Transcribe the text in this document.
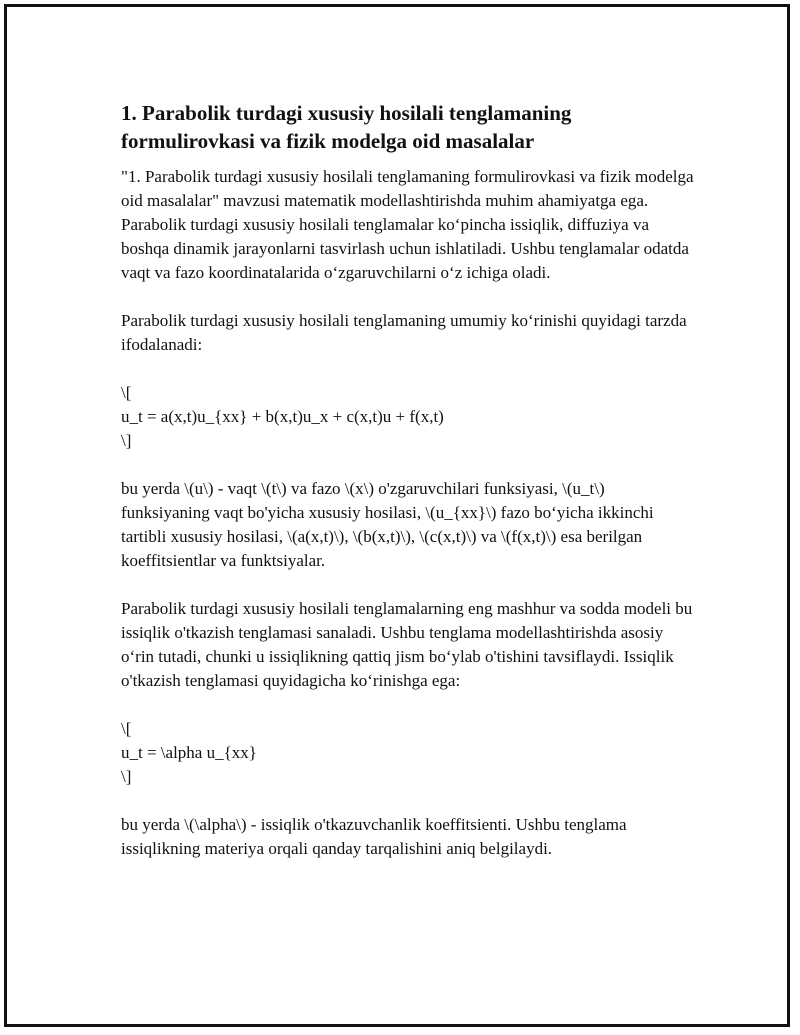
1. Parabolik turdagi xususiy hosilali tenglamaning formulirovkasi va fizik modelga oid masalalar

"1. Parabolik turdagi xususiy hosilali tenglamaning formulirovkasi va fizik modelga oid masalalar" mavzusi matematik modellashtirishda muhim ahamiyatga ega. Parabolik turdagi xususiy hosilali tenglamalar ko‘pincha issiqlik, diffuziya va boshqa dinamik jarayonlarni tasvirlash uchun ishlatiladi. Ushbu tenglamalar odatda vaqt va fazo koordinatalarida o‘zgaruvchilarni o‘z ichiga oladi.

Parabolik turdagi xusus‍iy hosilali tenglamaning umumiy ko‘rinishi quyidagi tarzda ifodalanadi:

\[
u_t = a(x,t)u_{xx} + b(x,t)u_x + c(x,t)u + f(x,t)
\]

bu yerda \(u\) - vaqt \(t\) va fazo \(x\) o'zgaruvchilari funksiyasi, \(u_t\) funksiyaning vaqt bo'yicha xususiy hosilasi, \(u_{xx}\) fazo bo‘yicha ikkinchi tartibli xususiy hosilasi, \(a(x,t)\), \(b(x,t)\), \(c(x,t)\) va \(f(x,t)\) esa berilgan koeffitsientlar va funktsiyalar.

Parabolik turdagi xususiy hosilali tenglamalarning eng mashhur va sodda modeli bu issiqlik o'tkazish tenglamasi sanaladi. Ushbu tenglama modellashtirishda asosiy o‘rin tutadi, chunki u issiqlikning qattiq jism bo‘ylab o'tishini tavsiflaydi. Issiqlik o'tkazish tenglamasi quyidagicha ko‘rinishga ega:

\[
u_t = \alpha u_{xx}
\]

bu yerda \(\alpha\) - issiqlik o'tkazuvchanlik koeffitsienti. Ushbu tenglama issiqlikning materiya orqali qanday tarqalishini aniq belgilaydi.
